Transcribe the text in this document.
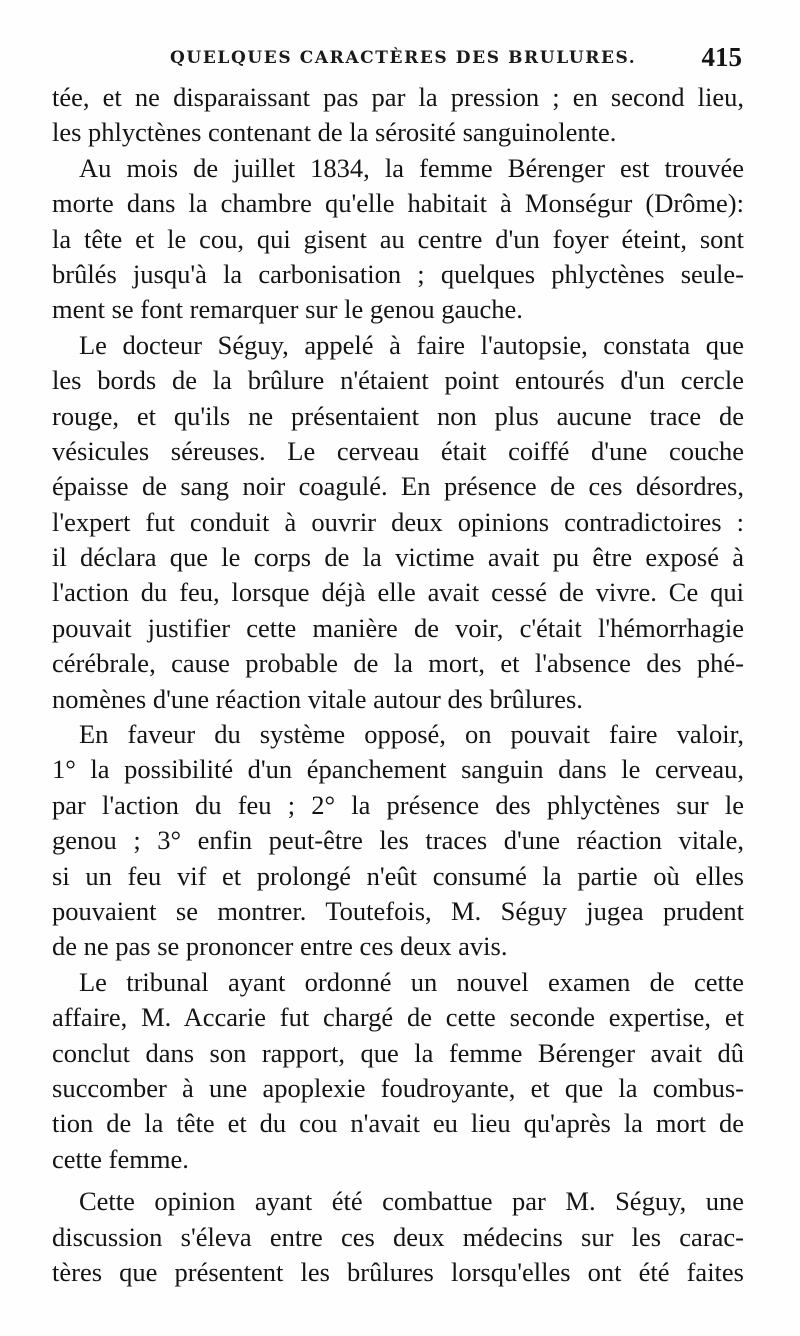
QUELQUES CARACTÈRES DES BRULURES. 415
tée, et ne disparaissant pas par la pression ; en second lieu,
les phlyctènes contenant de la sérosité sanguinolente.
Au mois de juillet 1834, la femme Bérenger est trouvée
morte dans la chambre qu'elle habitait à Monségur (Drôme):
la tête et le cou, qui gisent au centre d'un foyer éteint, sont
brûlés jusqu'à la carbonisation ; quelques phlyctènes seule-
ment se font remarquer sur le genou gauche.
Le docteur Séguy, appelé à faire l'autopsie, constata que
les bords de la brûlure n'étaient point entourés d'un cercle
rouge, et qu'ils ne présentaient non plus aucune trace de
vésicules séreuses. Le cerveau était coiffé d'une couche
épaisse de sang noir coagulé. En présence de ces désordres,
l'expert fut conduit à ouvrir deux opinions contradictoires :
il déclara que le corps de la victime avait pu être exposé à
l'action du feu, lorsque déjà elle avait cessé de vivre. Ce qui
pouvait justifier cette manière de voir, c'était l'hémorrhagie
cérébrale, cause probable de la mort, et l'absence des phé-
nomènes d'une réaction vitale autour des brûlures.
En faveur du système opposé, on pouvait faire valoir,
1° la possibilité d'un épanchement sanguin dans le cerveau,
par l'action du feu ; 2° la présence des phlyctènes sur le
genou ; 3° enfin peut-être les traces d'une réaction vitale,
si un feu vif et prolongé n'eût consumé la partie où elles
pouvaient se montrer. Toutefois, M. Séguy jugea prudent
de ne pas se prononcer entre ces deux avis.
Le tribunal ayant ordonné un nouvel examen de cette
affaire, M. Accarie fut chargé de cette seconde expertise, et
conclut dans son rapport, que la femme Bérenger avait dû
succomber à une apoplexie foudroyante, et que la combus-
tion de la tête et du cou n'avait eu lieu qu'après la mort de
cette femme.
Cette opinion ayant été combattue par M. Séguy, une
discussion s'éleva entre ces deux médecins sur les carac-
tères que présentent les brûlures lorsqu'elles ont été faites
